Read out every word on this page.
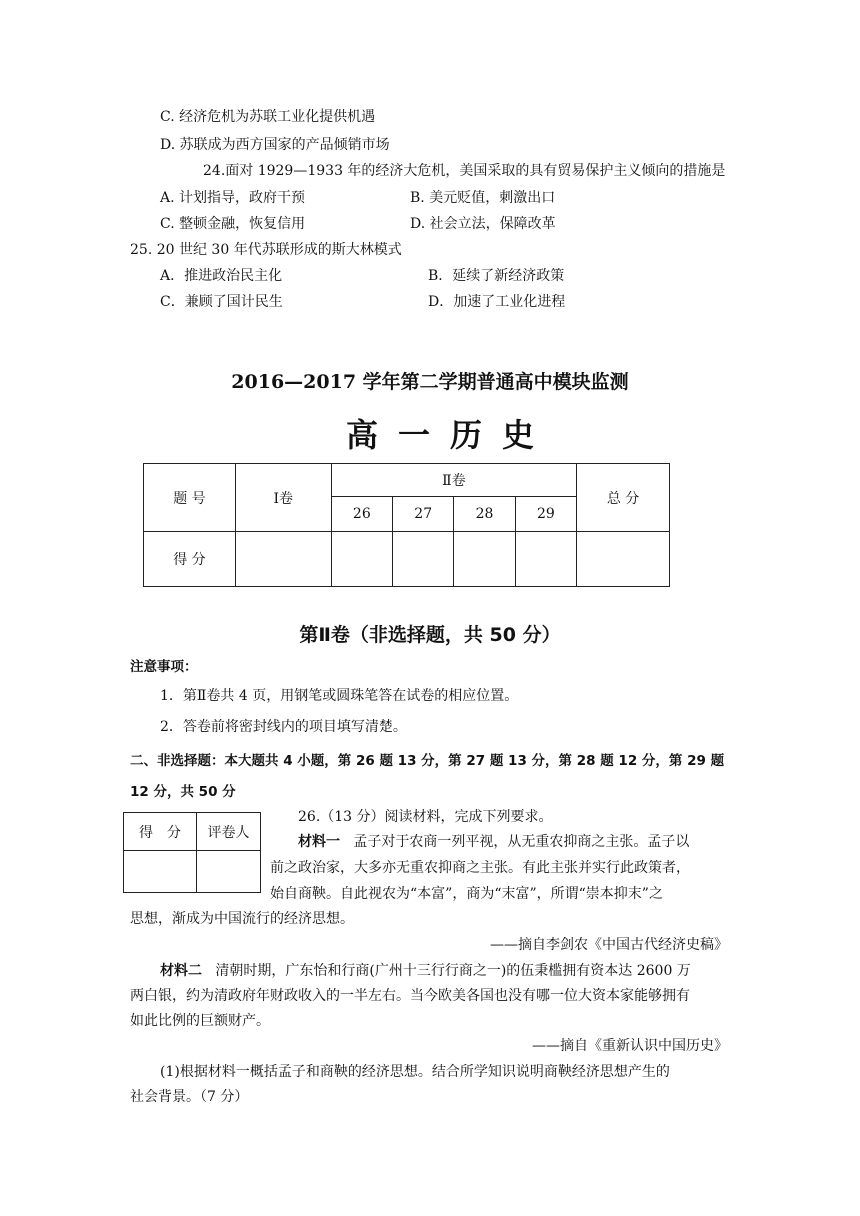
C. 经济危机为苏联工业化提供机遇
D. 苏联成为西方国家的产品倾销市场
24.面对 1929—1933 年的经济大危机，美国采取的具有贸易保护主义倾向的措施是
A. 计划指导，政府干预	B. 美元贬值，刺激出口
C. 整顿金融，恢复信用	D. 社会立法，保障改革
25. 20 世纪 30 年代苏联形成的斯大林模式
A．推进政治民主化	B．延续了新经济政策
C．兼顾了国计民生	D．加速了工业化进程
2016—2017 学年第二学期普通高中模块监测
高一历史
题 号	Ⅰ卷	Ⅱ卷				总 分
		26	27	28	29	
得 分						
第Ⅱ卷（非选择题，共 50 分）
注意事项：
1．第Ⅱ卷共 4 页，用钢笔或圆珠笔答在试卷的相应位置。
2．答卷前将密封线内的项目填写清楚。
二、非选择题：本大题共 4 小题，第 26 题 13 分，第 27 题 13 分，第 28 题 12 分，第 29 题
12 分，共 50 分
得　分	评卷人

26.（13 分）阅读材料，完成下列要求。
材料一 孟子对于农商一列平视，从无重农抑商之主张。孟子以
前之政治家，大多亦无重农抑商之主张。有此主张并实行此政策者，
始自商鞅。自此视农为“本富”，商为“末富”，所谓“崇本抑末”之
思想，渐成为中国流行的经济思想。
——摘自李剑农《中国古代经济史稿》
材料二 清朝时期，广东怡和行商(广州十三行行商之一)的伍秉槛拥有资本达 2600 万
两白银，约为清政府年财政收入的一半左右。当今欧美各国也没有哪一位大资本家能够拥有
如此比例的巨额财产。
——摘自《重新认识中国历史》
(1)根据材料一概括孟子和商鞅的经济思想。结合所学知识说明商鞅经济思想产生的
社会背景。（7 分）
